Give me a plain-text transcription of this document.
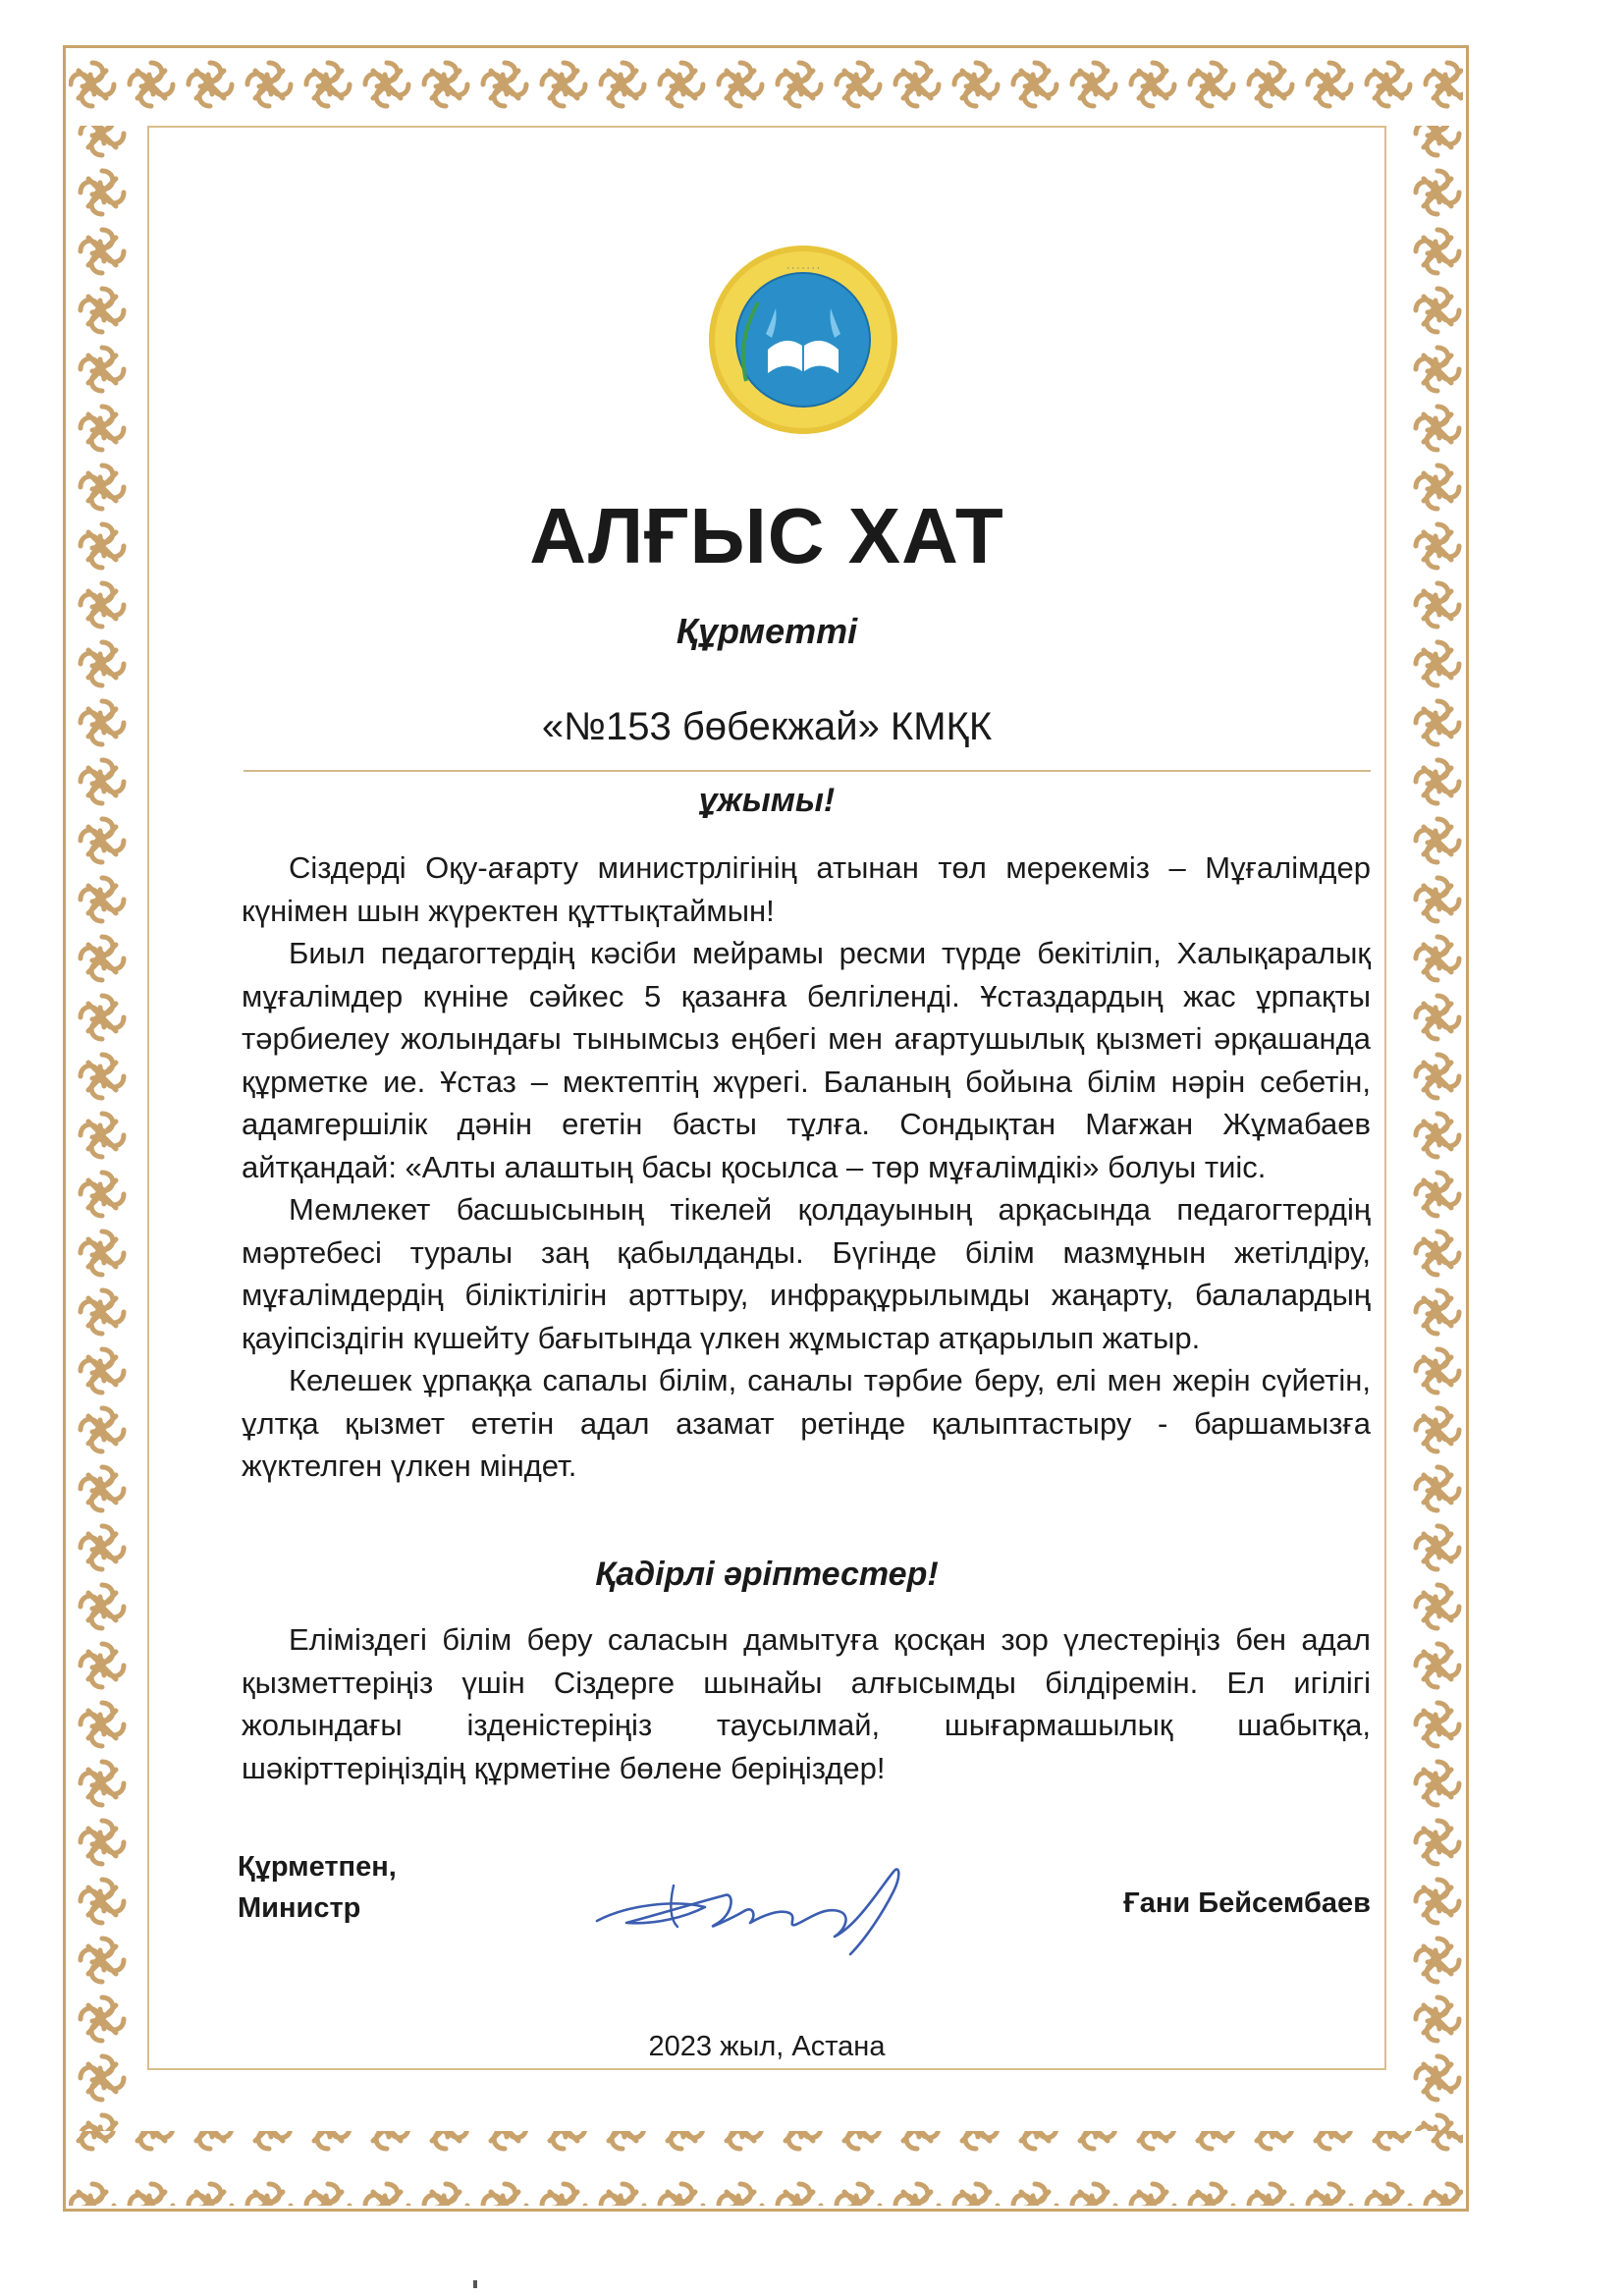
· · · · · · ·
АЛҒЫС ХАТ
Құрметті
«№153 бөбекжай» КМҚК
ұжымы!

Сіздерді Оқу-ағарту министрлігінің атынан төл мерекеміз – Мұғалімдер күнімен шын жүректен құттықтаймын!

Биыл педагогтердің кәсіби мейрамы ресми түрде бекітіліп, Халықаралық мұғалімдер күніне сәйкес 5 қазанға белгіленді. Ұстаздардың жас ұрпақты тәрбиелеу жолындағы тынымсыз еңбегі мен ағартушылық қызметі әрқашанда құрметке ие. Ұстаз – мектептің жүрегі. Баланың бойына білім нәрін себетін, адамгершілік дәнін егетін басты тұлға. Сондықтан Мағжан Жұмабаев айтқандай: «Алты алаштың басы қосылса – төр мұғалімдікі» болуы тиіс.

Мемлекет басшысының тікелей қолдауының арқасында педагогтердің мәртебесі туралы заң қабылданды. Бүгінде білім мазмұнын жетілдіру, мұғалімдердің біліктілігін арттыру, инфрақұрылымды жаңарту, балалардың қауіпсіздігін күшейту бағытында үлкен жұмыстар атқарылып жатыр.

Келешек ұрпаққа сапалы білім, саналы тәрбие беру, елі мен жерін сүйетін, ұлтқа қызмет ететін адал азамат ретінде қалыптастыру - баршамызға жүктелген үлкен міндет.

Қадірлі әріптестер!

Еліміздегі білім беру саласын дамытуға қосқан зор үлестеріңіз бен адал қызметтеріңіз үшін Сіздерге шынайы алғысымды білдіремін. Ел игілігі жолындағы ізденістеріңіз таусылмай, шығармашылық шабытқа, шәкірттеріңіздің құрметіне бөлене беріңіздер!

Құрметпен,
Министр	Ғани Бейсембаев
2023 жыл, Астана
